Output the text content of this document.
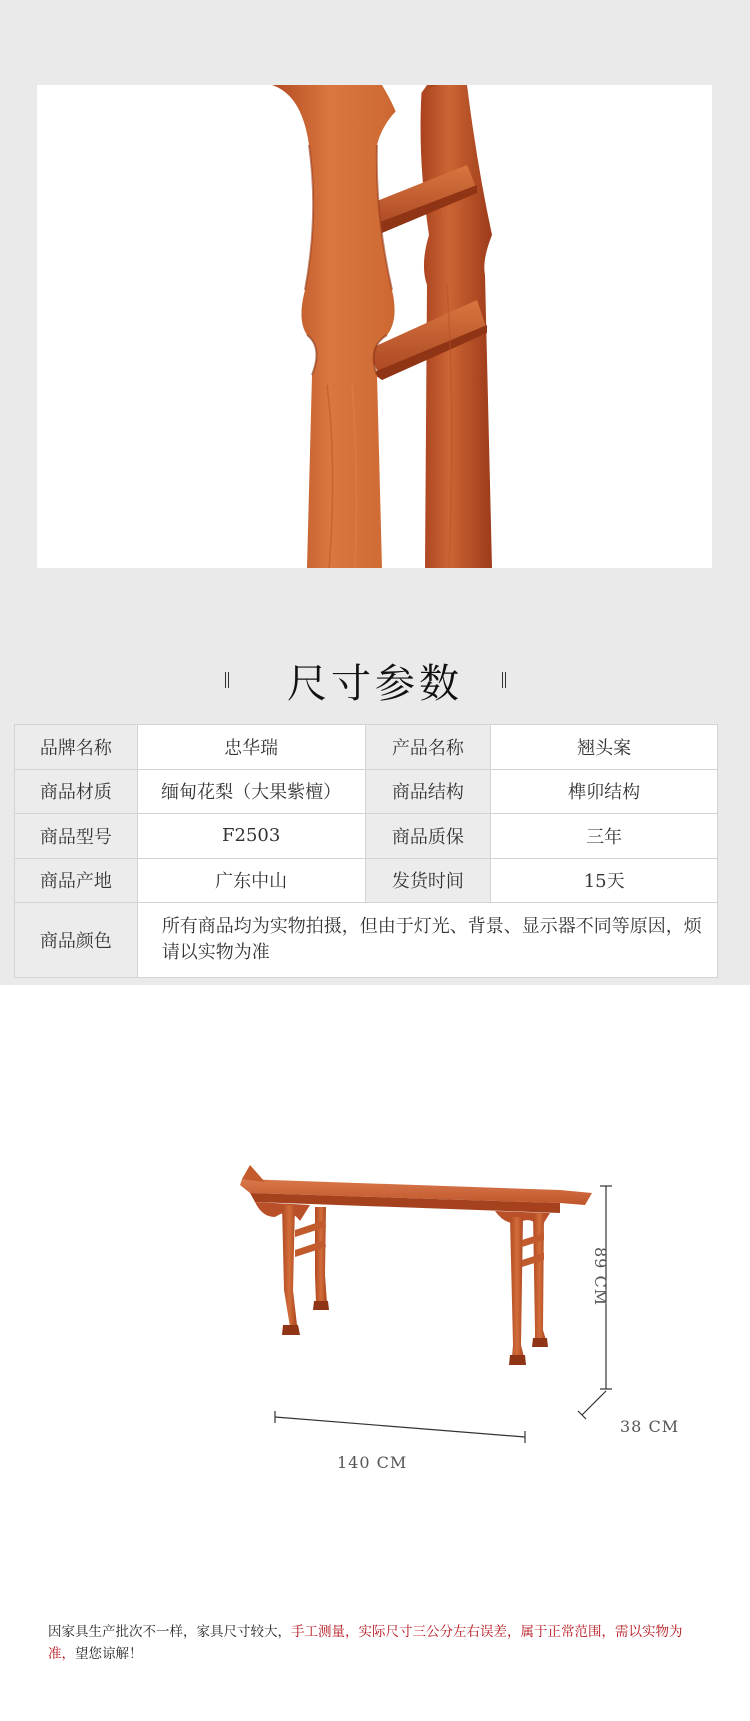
尺寸参数
品牌名称	忠华瑞	产品名称	翘头案
商品材质	缅甸花梨（大果紫檀）	商品结构	榫卯结构
商品型号	F2503	商品质保	三年
商品产地	广东中山	发货时间	15天
商品颜色	所有商品均为实物拍摄，但由于灯光、背景、显示器不同等原因，烦请以实物为准		
140 CM
38 CM
89 CM
因家具生产批次不一样，家具尺寸较大，手工测量，实际尺寸三公分左右误差，属于正常范围，需以实物为准，望您谅解！
